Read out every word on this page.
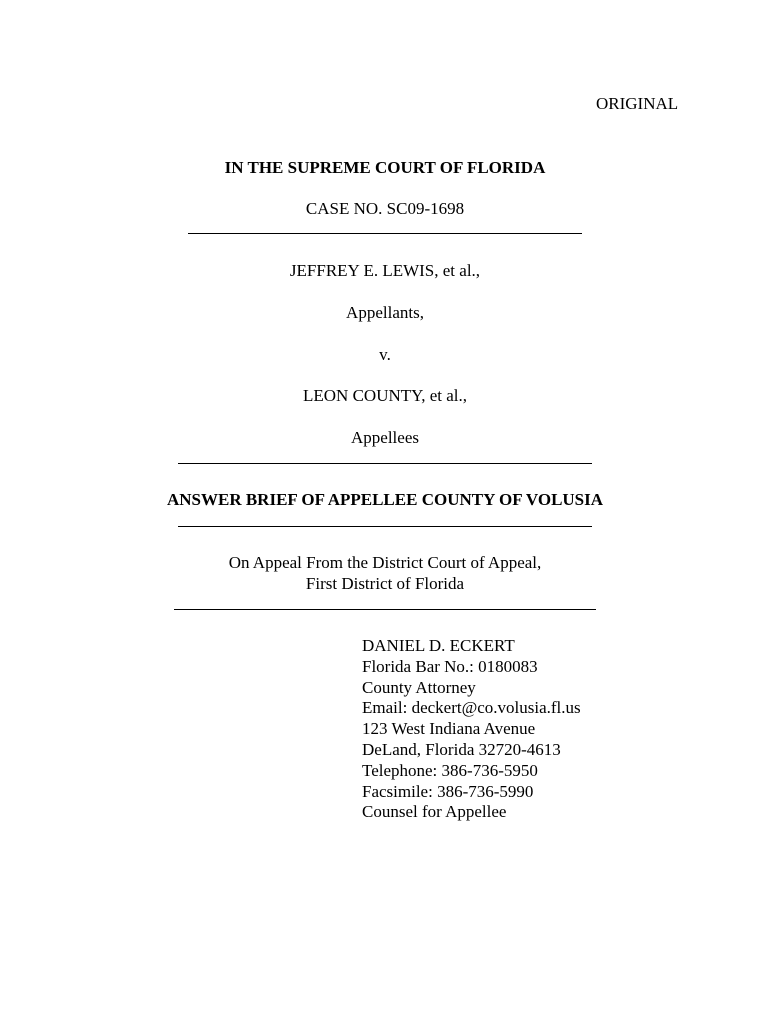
ORIGINAL
IN THE SUPREME COURT OF FLORIDA
CASE NO. SC09-1698
JEFFREY E. LEWIS, et al.,
Appellants,
v.
LEON COUNTY, et al.,
Appellees
ANSWER BRIEF OF APPELLEE COUNTY OF VOLUSIA
On Appeal From the District Court of Appeal,
First District of Florida
DANIEL D. ECKERT
Florida Bar No.: 0180083
County Attorney
Email: deckert@co.volusia.fl.us
123 West Indiana Avenue
DeLand, Florida 32720-4613
Telephone: 386-736-5950
Facsimile: 386-736-5990
Counsel for Appellee
